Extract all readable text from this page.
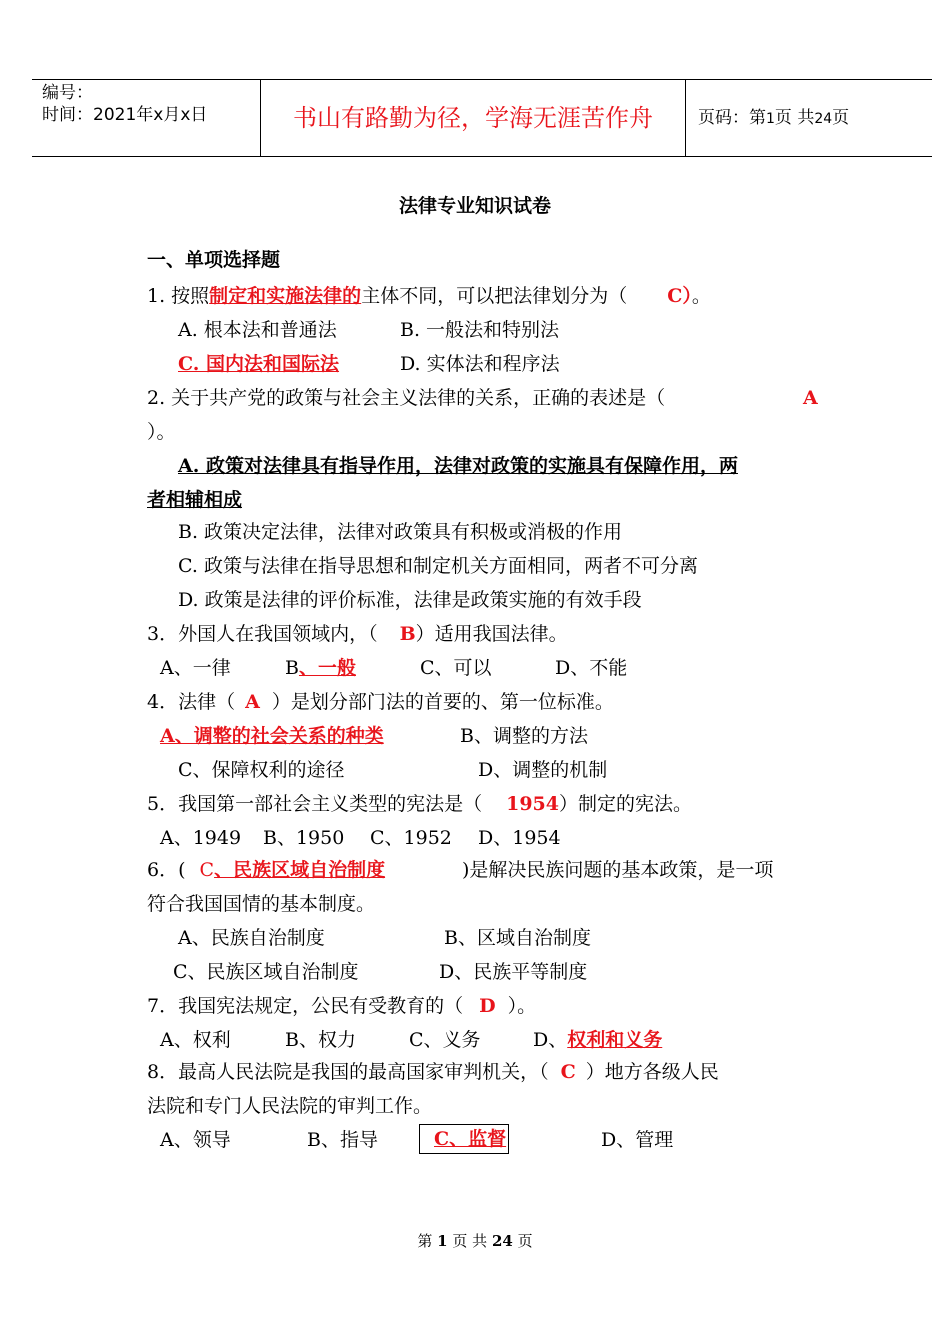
编号：
时间：2021年x月x日	书山有路勤为径，学海无涯苦作舟	页码：第1页 共24页
法律专业知识试卷
一、单项选择题
1. 按照制定和实施法律的主体不同，可以把法律划分为（ C）。
A. 根本法和普通法	B. 一般法和特别法
C. 国内法和国际法	D. 实体法和程序法
2. 关于共产党的政策与社会主义法律的关系，正确的表述是（	A
）。
A. 政策对法律具有指导作用，法律对政策的实施具有保障作用，两
者相辅相成
B. 政策决定法律，法律对政策具有积极或消极的作用
C. 政策与法律在指导思想和制定机关方面相同，两者不可分离
D. 政策是法律的评价标准，法律是政策实施的有效手段
3．外国人在我国领域内，（ B）适用我国法律。
A、一律	B、一般	C、可以	D、不能
4．法律（ A ）是划分部门法的首要的、第一位标准。
A、调整的社会关系的种类	B、调整的方法
C、保障权利的途径	D、调整的机制
5．我国第一部社会主义类型的宪法是（ 1954）制定的宪法。
A、1949 B、1950 C、1952 D、1954
6．( C、民族区域自治制度	)是解决民族问题的基本政策，是一项
符合我国国情的基本制度。
A、民族自治制度	B、区域自治制度
C、民族区域自治制度	D、民族平等制度
7．我国宪法规定，公民有受教育的（ D ）。
A、权利	B、权力	C、义务	D、权利和义务
8．最高人民法院是我国的最高国家审判机关，（ C ）地方各级人民
法院和专门人民法院的审判工作。
A、领导	B、指导	C、监督	D、管理
第 1 页 共 24 页
